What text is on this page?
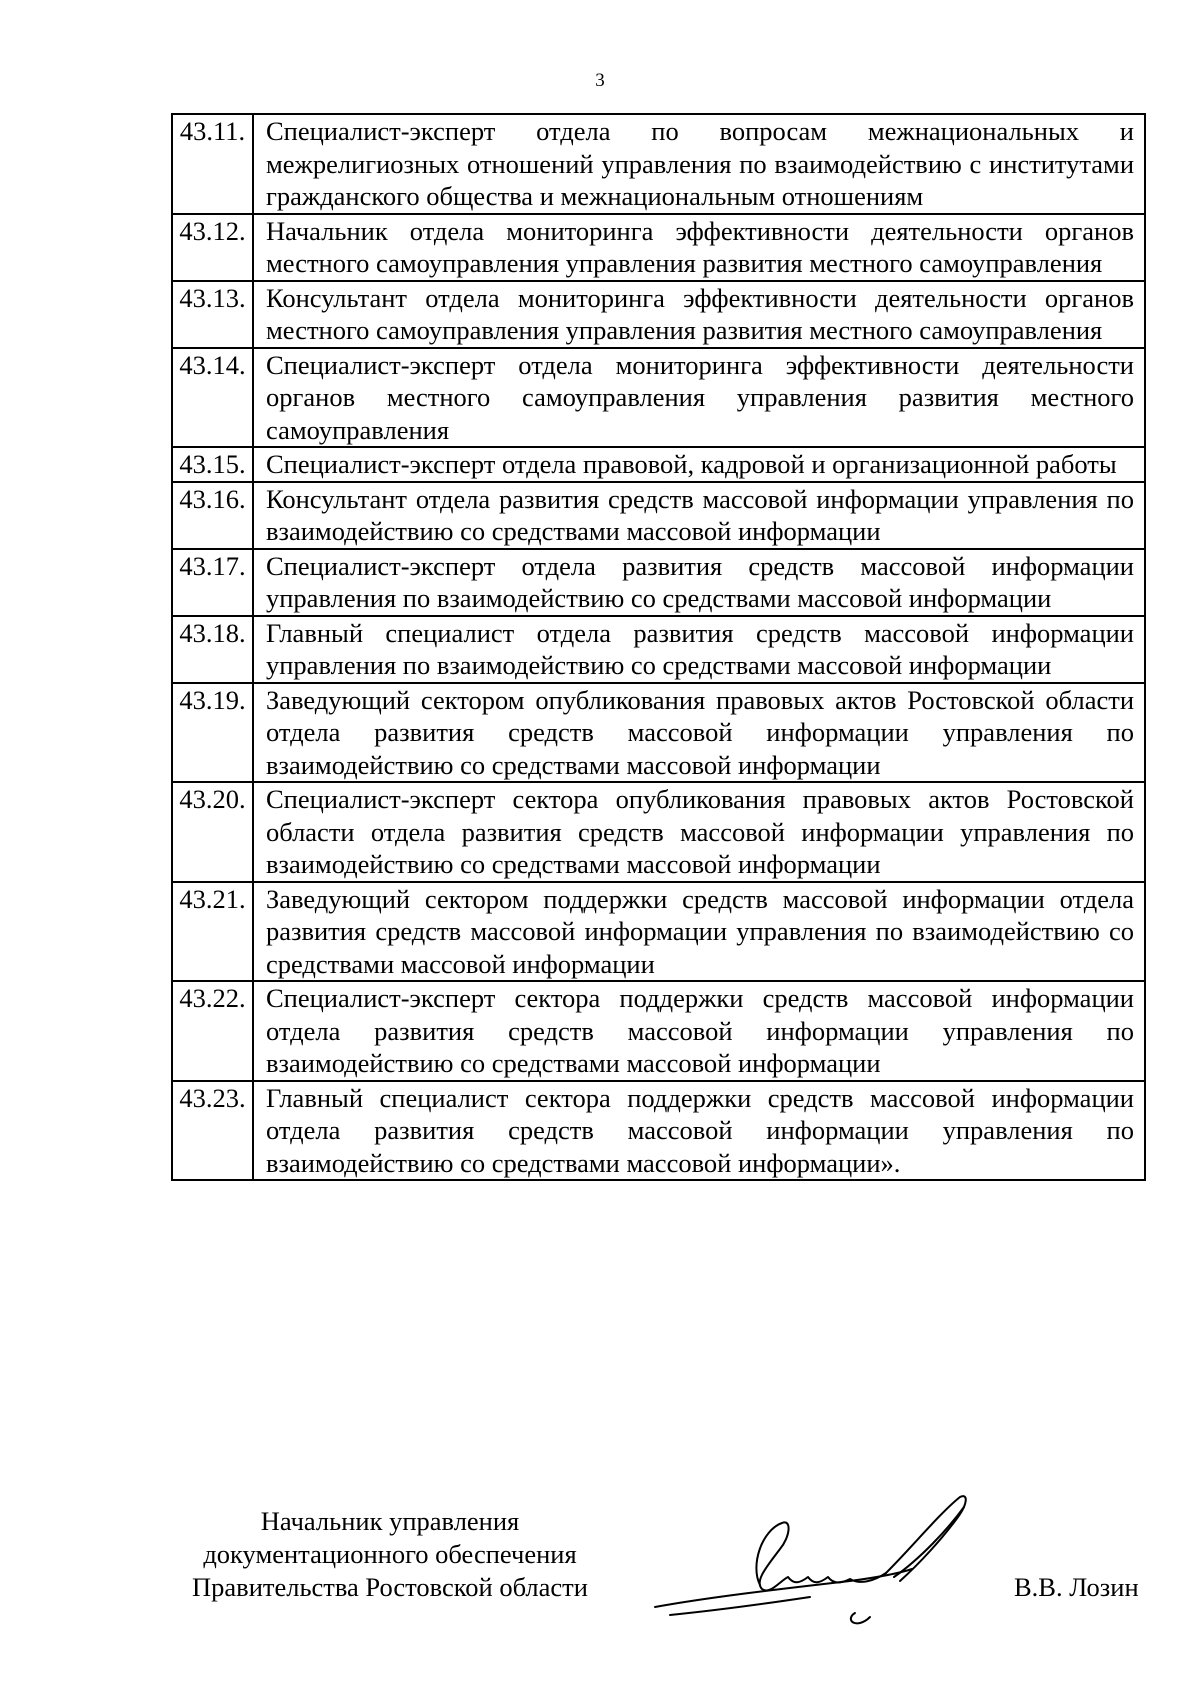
3
43.11.	Специалист-эксперт отдела по вопросам межнациональных и межрелигиозных отношений управления по взаимодействию с институтами гражданского общества и межнациональным отношениям
43.12.	Начальник отдела мониторинга эффективности деятельности органов местного самоуправления управления развития местного самоуправления
43.13.	Консультант отдела мониторинга эффективности деятельности органов местного самоуправления управления развития местного самоуправления
43.14.	Специалист-эксперт отдела мониторинга эффективности деятельности органов местного самоуправления управления развития местного самоуправления
43.15.	Специалист-эксперт отдела правовой, кадровой и организационной работы
43.16.	Консультант отдела развития средств массовой информации управления по взаимодействию со средствами массовой информации
43.17.	Специалист-эксперт отдела развития средств массовой информации управления по взаимодействию со средствами массовой информации
43.18.	Главный специалист отдела развития средств массовой информации управления по взаимодействию со средствами массовой информации
43.19.	Заведующий сектором опубликования правовых актов Ростовской области отдела развития средств массовой информации управления по взаимодействию со средствами массовой информации
43.20.	Специалист-эксперт сектора опубликования правовых актов Ростовской области отдела развития средств массовой информации управления по взаимодействию со средствами массовой информации
43.21.	Заведующий сектором поддержки средств массовой информации отдела развития средств массовой информации управления по взаимодействию со средствами массовой информации
43.22.	Специалист-эксперт сектора поддержки средств массовой информации отдела развития средств массовой информации управления по взаимодействию со средствами массовой информации
43.23.	Главный специалист сектора поддержки средств массовой информации отдела развития средств массовой информации управления по взаимодействию со средствами массовой информации».
Начальник управления
документационного обеспечения
Правительства Ростовской области	В.В. Лозин
